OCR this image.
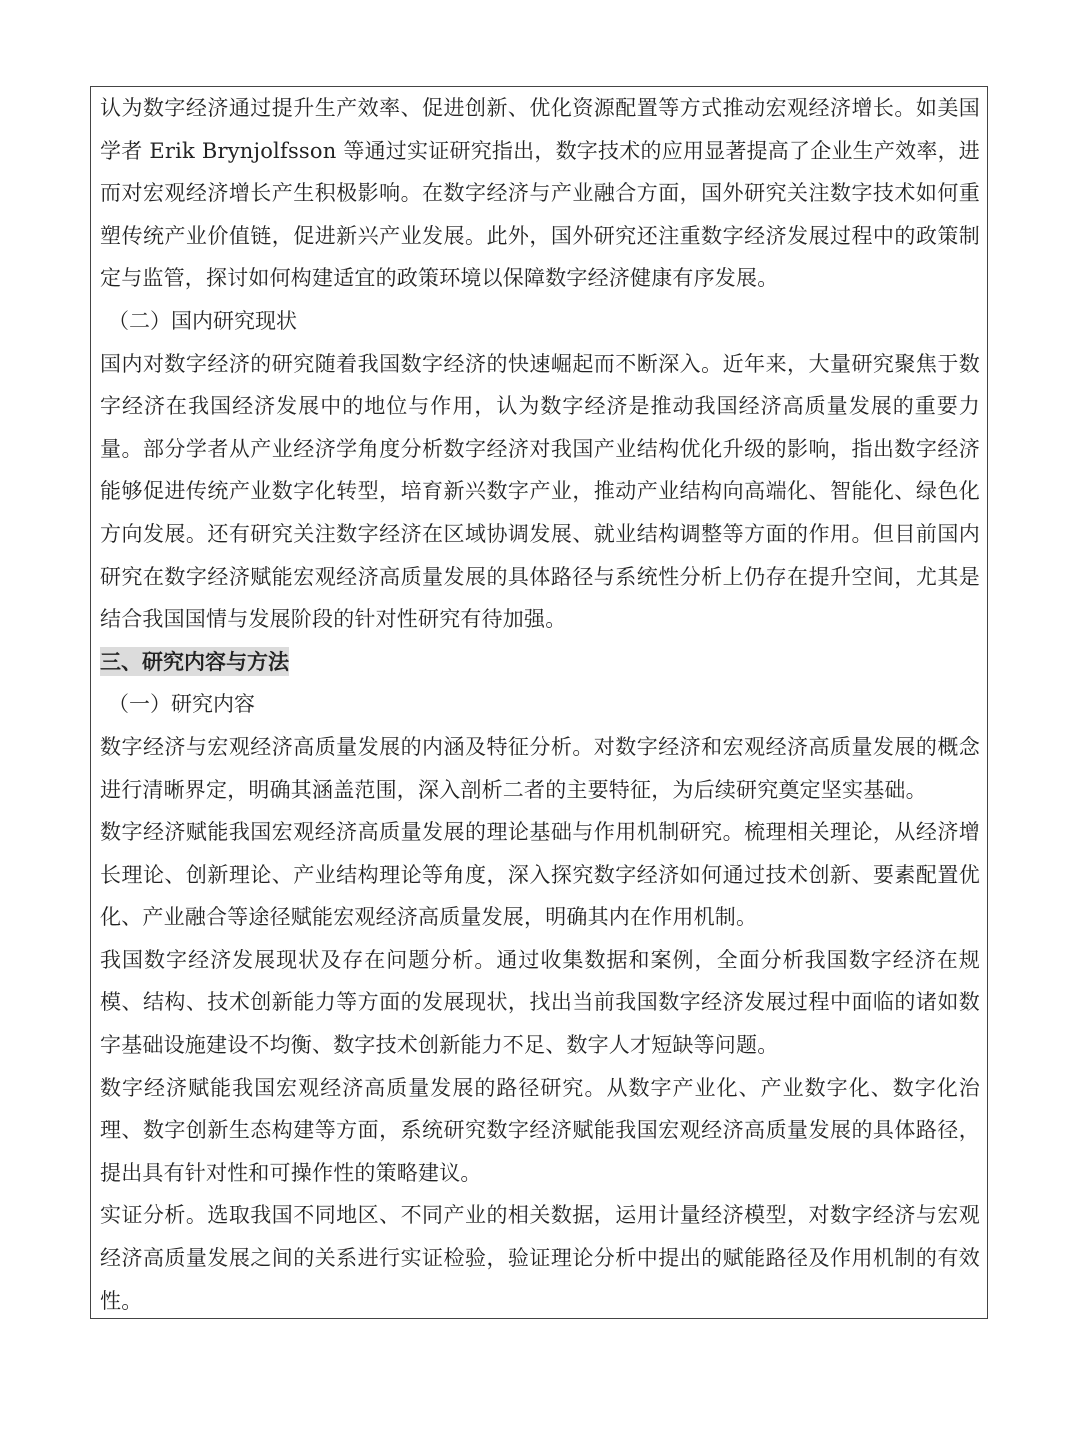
认为数字经济通过提升生产效率、促进创新、优化资源配置等方式推动宏观经济增长。如美国学者 Erik Brynjolfsson 等通过实证研究指出，数字技术的应用显著提高了企业生产效率，进而对宏观经济增长产生积极影响。在数字经济与产业融合方面，国外研究关注数字技术如何重塑传统产业价值链，促进新兴产业发展。此外，国外研究还注重数字经济发展过程中的政策制定与监管，探讨如何构建适宜的政策环境以保障数字经济健康有序发展。

（二）国内研究现状

国内对数字经济的研究随着我国数字经济的快速崛起而不断深入。近年来，大量研究聚焦于数字经济在我国经济发展中的地位与作用，认为数字经济是推动我国经济高质量发展的重要力量。部分学者从产业经济学角度分析数字经济对我国产业结构优化升级的影响，指出数字经济能够促进传统产业数字化转型，培育新兴数字产业，推动产业结构向高端化、智能化、绿色化方向发展。还有研究关注数字经济在区域协调发展、就业结构调整等方面的作用。但目前国内研究在数字经济赋能宏观经济高质量发展的具体路径与系统性分析上仍存在提升空间，尤其是结合我国国情与发展阶段的针对性研究有待加强。

三、研究内容与方法

（一）研究内容

数字经济与宏观经济高质量发展的内涵及特征分析。对数字经济和宏观经济高质量发展的概念进行清晰界定，明确其涵盖范围，深入剖析二者的主要特征，为后续研究奠定坚实基础。

数字经济赋能我国宏观经济高质量发展的理论基础与作用机制研究。梳理相关理论，从经济增长理论、创新理论、产业结构理论等角度，深入探究数字经济如何通过技术创新、要素配置优化、产业融合等途径赋能宏观经济高质量发展，明确其内在作用机制。

我国数字经济发展现状及存在问题分析。通过收集数据和案例，全面分析我国数字经济在规模、结构、技术创新能力等方面的发展现状，找出当前我国数字经济发展过程中面临的诸如数字基础设施建设不均衡、数字技术创新能力不足、数字人才短缺等问题。

数字经济赋能我国宏观经济高质量发展的路径研究。从数字产业化、产业数字化、数字化治理、数字创新生态构建等方面，系统研究数字经济赋能我国宏观经济高质量发展的具体路径，提出具有针对性和可操作性的策略建议。

实证分析。选取我国不同地区、不同产业的相关数据，运用计量经济模型，对数字经济与宏观经济高质量发展之间的关系进行实证检验，验证理论分析中提出的赋能路径及作用机制的有效性。
